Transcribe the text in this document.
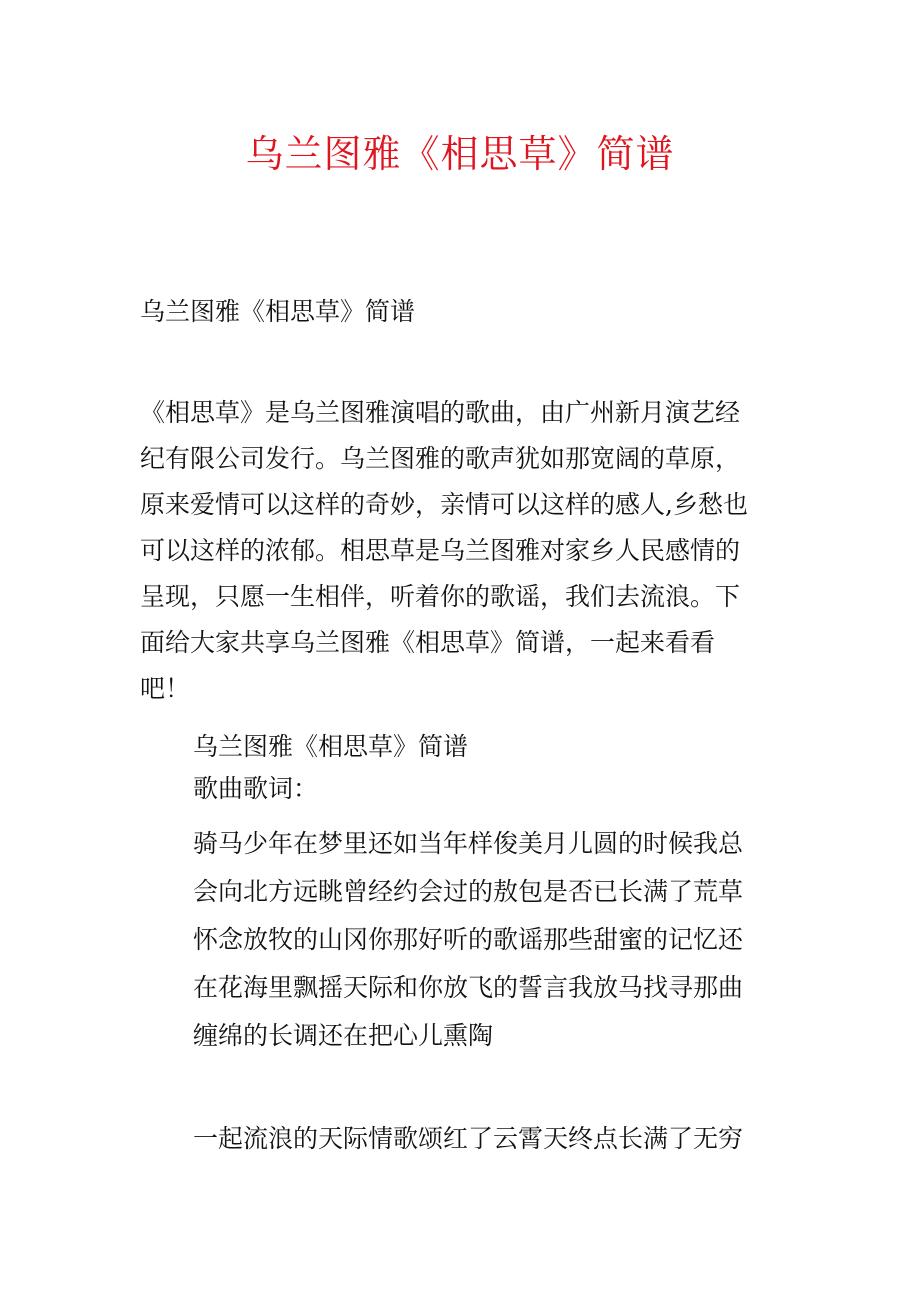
乌兰图雅《相思草》简谱
乌兰图雅《相思草》简谱
《相思草》是乌兰图雅演唱的歌曲，由广州新月演艺经
纪有限公司发行。乌兰图雅的歌声犹如那宽阔的草原，
原来爱情可以这样的奇妙，亲情可以这样的感人,乡愁也
可以这样的浓郁。相思草是乌兰图雅对家乡人民感情的
呈现，只愿一生相伴，听着你的歌谣，我们去流浪。下
面给大家共享乌兰图雅《相思草》简谱，一起来看看
吧！
乌兰图雅《相思草》简谱
歌曲歌词：
骑马少年在梦里还如当年样俊美月儿圆的时候我总
会向北方远眺曾经约会过的敖包是否已长满了荒草
怀念放牧的山冈你那好听的歌谣那些甜蜜的记忆还
在花海里飘摇天际和你放飞的誓言我放马找寻那曲
缠绵的长调还在把心儿熏陶
一起流浪的天际情歌颂红了云霄天终点长满了无穷
